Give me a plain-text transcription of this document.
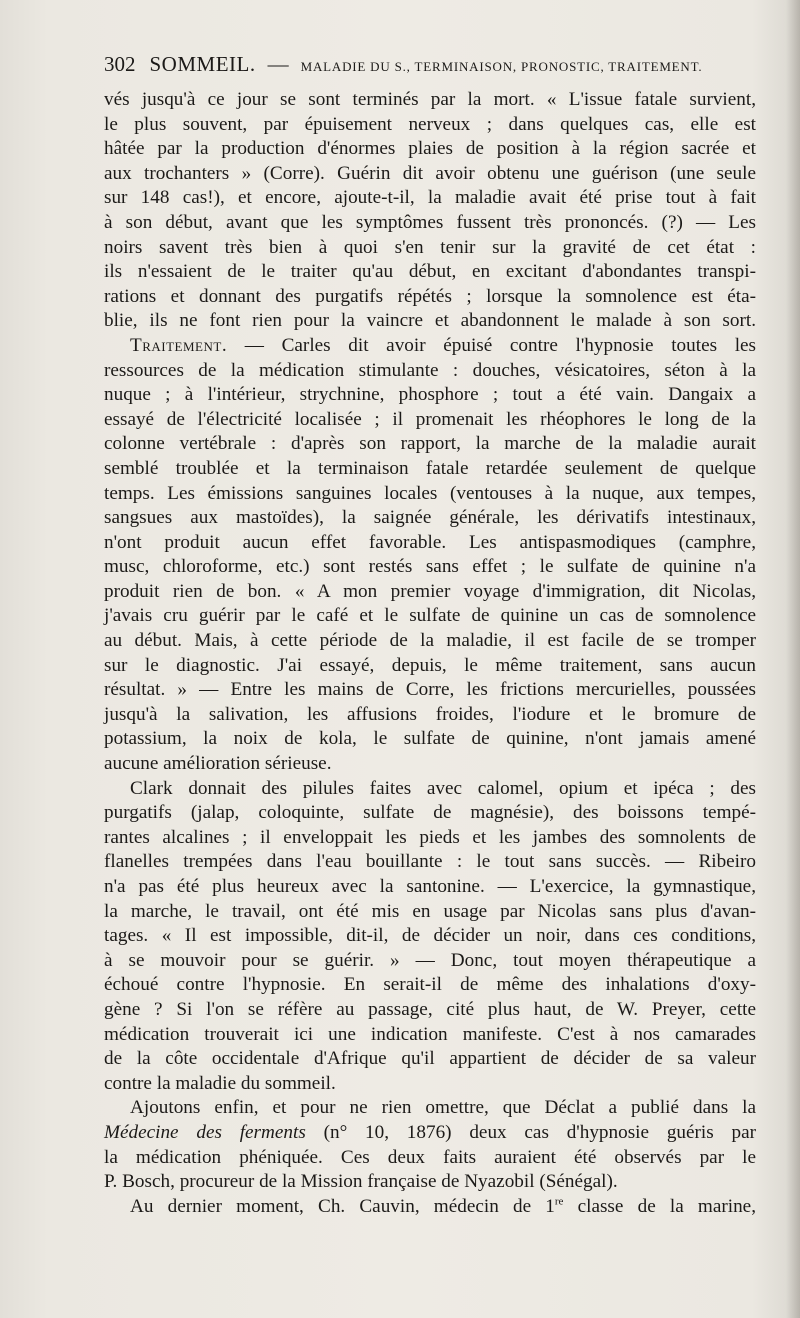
302 SOMMEIL. — MALADIE DU S., TERMINAISON, PRONOSTIC, TRAITEMENT.
vés jusqu'à ce jour se sont terminés par la mort. « L'issue fatale survient,
le plus souvent, par épuisement nerveux ; dans quelques cas, elle est
hâtée par la production d'énormes plaies de position à la région sacrée et
aux trochanters » (Corre). Guérin dit avoir obtenu une guérison (une seule
sur 148 cas!), et encore, ajoute-t-il, la maladie avait été prise tout à fait
à son début, avant que les symptômes fussent très prononcés. (?) — Les
noirs savent très bien à quoi s'en tenir sur la gravité de cet état :
ils n'essaient de le traiter qu'au début, en excitant d'abondantes transpi-
rations et donnant des purgatifs répétés ; lorsque la somnolence est éta-
blie, ils ne font rien pour la vaincre et abandonnent le malade à son sort.
Traitement. — Carles dit avoir épuisé contre l'hypnosie toutes les
ressources de la médication stimulante : douches, vésicatoires, séton à la
nuque ; à l'intérieur, strychnine, phosphore ; tout a été vain. Dangaix a
essayé de l'électricité localisée ; il promenait les rhéophores le long de la
colonne vertébrale : d'après son rapport, la marche de la maladie aurait
semblé troublée et la terminaison fatale retardée seulement de quelque
temps. Les émissions sanguines locales (ventouses à la nuque, aux tempes,
sangsues aux mastoïdes), la saignée générale, les dérivatifs intestinaux,
n'ont produit aucun effet favorable. Les antispasmodiques (camphre,
musc, chloroforme, etc.) sont restés sans effet ; le sulfate de quinine n'a
produit rien de bon. « A mon premier voyage d'immigration, dit Nicolas,
j'avais cru guérir par le café et le sulfate de quinine un cas de somnolence
au début. Mais, à cette période de la maladie, il est facile de se tromper
sur le diagnostic. J'ai essayé, depuis, le même traitement, sans aucun
résultat. » — Entre les mains de Corre, les frictions mercurielles, poussées
jusqu'à la salivation, les affusions froides, l'iodure et le bromure de
potassium, la noix de kola, le sulfate de quinine, n'ont jamais amené
aucune amélioration sérieuse.
Clark donnait des pilules faites avec calomel, opium et ipéca ; des
purgatifs (jalap, coloquinte, sulfate de magnésie), des boissons tempé-
rantes alcalines ; il enveloppait les pieds et les jambes des somnolents de
flanelles trempées dans l'eau bouillante : le tout sans succès. — Ribeiro
n'a pas été plus heureux avec la santonine. — L'exercice, la gymnastique,
la marche, le travail, ont été mis en usage par Nicolas sans plus d'avan-
tages. « Il est impossible, dit-il, de décider un noir, dans ces conditions,
à se mouvoir pour se guérir. » — Donc, tout moyen thérapeutique a
échoué contre l'hypnosie. En serait-il de même des inhalations d'oxy-
gène ? Si l'on se réfère au passage, cité plus haut, de W. Preyer, cette
médication trouverait ici une indication manifeste. C'est à nos camarades
de la côte occidentale d'Afrique qu'il appartient de décider de sa valeur
contre la maladie du sommeil.
Ajoutons enfin, et pour ne rien omettre, que Déclat a publié dans la
Médecine des ferments (n° 10, 1876) deux cas d'hypnosie guéris par
la médication phéniquée. Ces deux faits auraient été observés par le
P. Bosch, procureur de la Mission française de Nyazobil (Sénégal).
Au dernier moment, Ch. Cauvin, médecin de 1re classe de la marine,
